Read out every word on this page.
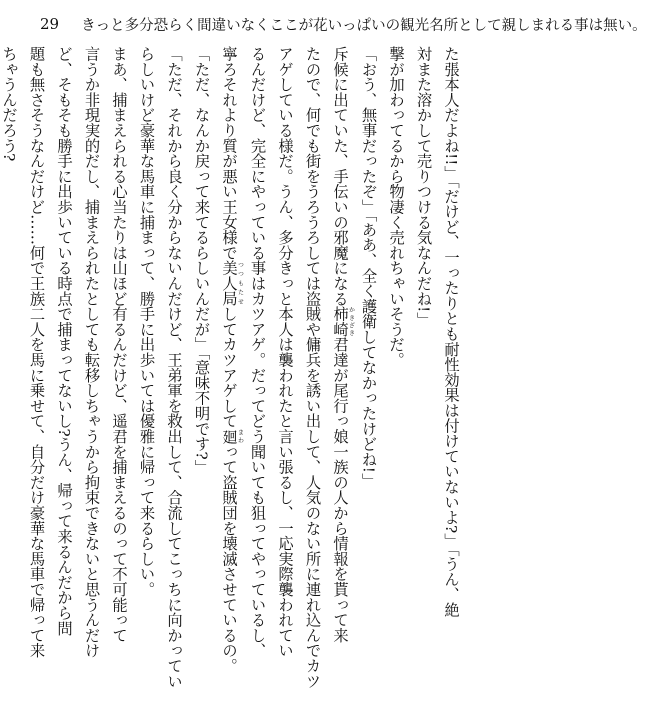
29 きっと多分恐らく間違いなくここが花いっぱいの観光名所として親しまれる事は無い。
た張本人だよね!!」「だけど、一ったりとも耐性効果は付けていないよ?」「うん、絶
対また溶かして売りつける気なんだね!」
撃が加わってるから物凄く売れちゃいそうだ。
「おう、無事だったぞ」「ああ、全く護衛してなかったけどね!」
斥候に出ていた、手伝いの邪魔になる柿崎かきざき君達が尾行っ娘一族の人から情報を貰って来
たので、何でも街をうろうろしては盗賊や傭兵を誘い出して、人気のない所に連れ込んでカツ
アゲしている様だ。うん、多分きっと本人は襲われたと言い張るし、一応実際襲われてい
るんだけど、完全にやっている事はカツアゲ。だってどう聞いても狙ってやっているし、
寧ろそれより質が悪い王女様で美人局つつもたせしてカツアゲして廻まわって盗賊団を壊滅させているの。
「ただ、なんか戻って来てるらしいんだが」「意味不明です?」
「ただ、それから良く分からないんだけど、王弟軍を救出して、合流してこっちに向かってい
らしいけど豪華な馬車に捕まって、勝手に出歩いては優雅に帰って来るらしい。
まあ、捕まえられる心当たりは山ほど有るんだけど、遥君を捕まえるのって不可能って
言うか非現実的だし、捕まえられたとしても転移しちゃうから拘束できないと思うんだけ
ど、そもそも勝手に出歩いている時点で捕まってないし?うん、帰って来るんだから問
題も無さそうなんだけど……何で王族二人を馬に乗せて、自分だけ豪華な馬車で帰って来
ちゃうんだろう?
